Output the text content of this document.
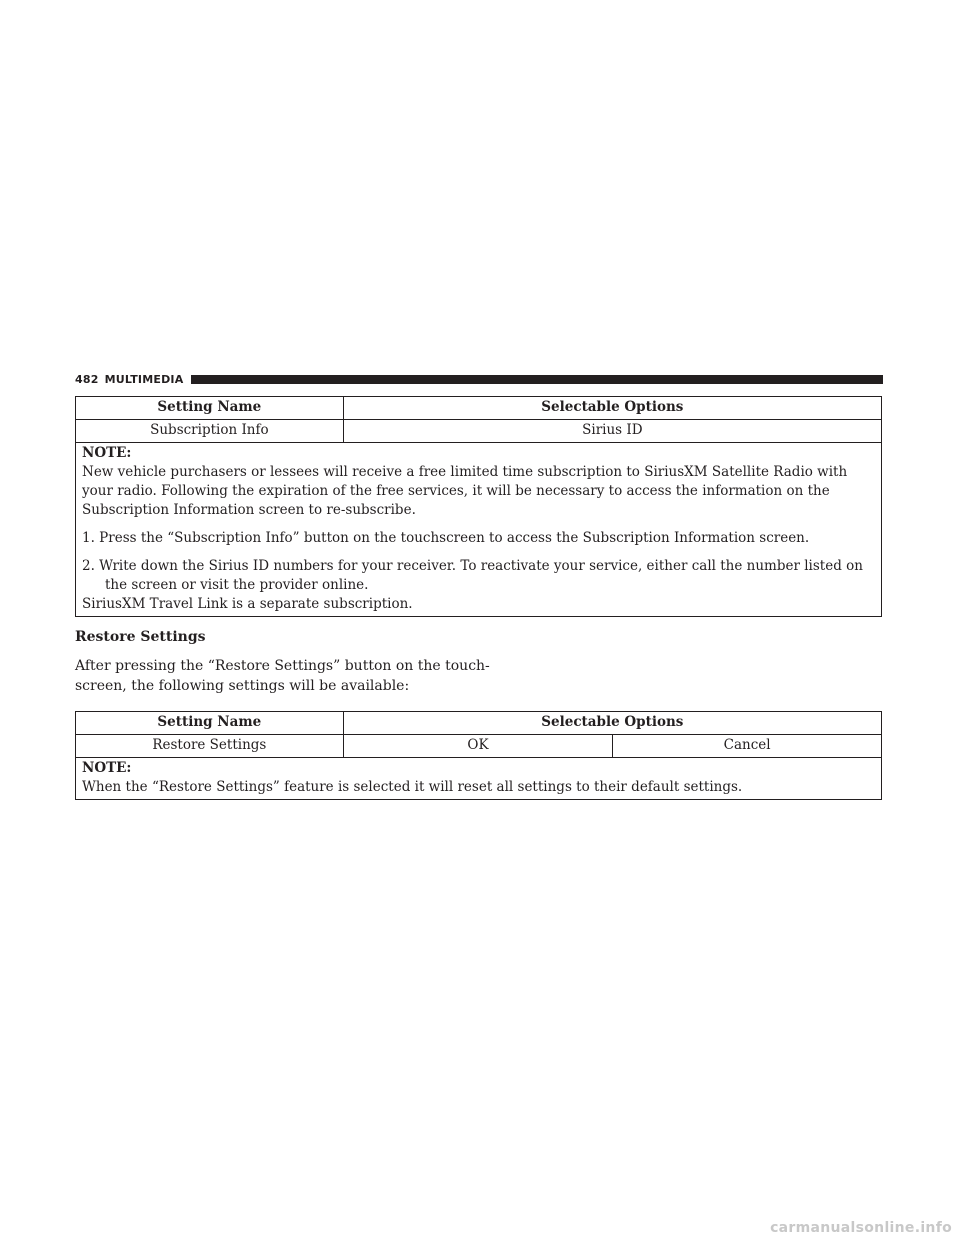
482 MULTIMEDIA
Setting Name	Selectable Options
Subscription Info	Sirius ID

NOTE:

New vehicle purchasers or lessees will receive a free limited time subscription to SiriusXM Satellite Radio with your radio. Following the expiration of the free services, it will be necessary to access the information on the Subscription Information screen to re-subscribe.

1. Press the “Subscription Info” button on the touchscreen to access the Subscription Information screen.

2. Write down the Sirius ID numbers for your receiver. To reactivate your service, either call the number listed on the screen or visit the provider online.

SiriusXM Travel Link is a separate subscription.	

Restore Settings

After pressing the “Restore Settings” button on the touch- screen, the following settings will be available:

Setting Name	Selectable Options	
Restore Settings	OK	Cancel

NOTE:

When the “Restore Settings” feature is selected it will reset all settings to their default settings.		

carmanualsonline.info
